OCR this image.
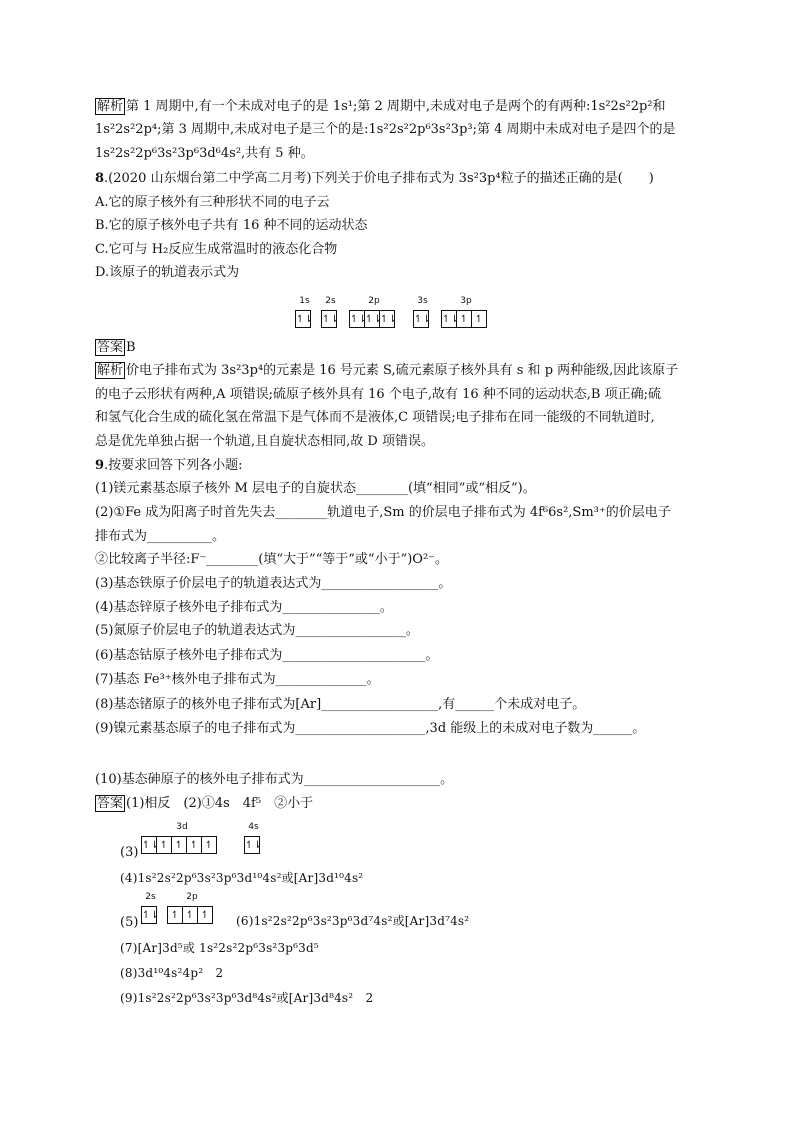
解析 第 1 周期中,有一个未成对电子的是 1s¹;第 2 周期中,未成对电子是两个的有两种:1s²2s²2p²和
1s²2s²2p⁴;第 3 周期中,未成对电子是三个的是:1s²2s²2p⁶3s²3p³;第 4 周期中未成对电子是四个的是
1s²2s²2p⁶3s²3p⁶3d⁶4s²,共有 5 种。
8.(2020 山东烟台第二中学高二月考)下列关于价电子排布式为 3s²3p⁴粒子的描述正确的是(　　)
A.它的原子核外有三种形状不同的电子云
B.它的原子核外电子共有 16 种不同的运动状态
C.它可与 H₂反应生成常温时的液态化合物
D.该原子的轨道表示式为
答案 B
解析 价电子排布式为 3s²3p⁴的元素是 16 号元素 S,硫元素原子核外具有 s 和 p 两种能级,因此该原子
的电子云形状有两种,A 项错误;硫原子核外具有 16 个电子,故有 16 种不同的运动状态,B 项正确;硫
和氢气化合生成的硫化氢在常温下是气体而不是液体,C 项错误;电子排布在同一能级的不同轨道时,
总是优先单独占据一个轨道,且自旋状态相同,故 D 项错误。
9.按要求回答下列各小题:
(1)镁元素基态原子核外 M 层电子的自旋状态________(填“相同”或“相反”)。
(2)①Fe 成为阳离子时首先失去________轨道电子,Sm 的价层电子排布式为 4f⁶6s²,Sm³⁺的价层电子
排布式为__________。
②比较离子半径:F⁻________(填“大于”“等于”或“小于”)O²⁻。
(3)基态铁原子价层电子的轨道表达式为__________________。
(4)基态锌原子核外电子排布式为_______________。
(5)氮原子价层电子的轨道表达式为_________________。
(6)基态钴原子核外电子排布式为______________________。
(7)基态 Fe³⁺核外电子排布式为______________。
(8)基态锗原子的核外电子排布式为[Ar]__________________,有______个未成对电子。
(9)镍元素基态原子的电子排布式为____________________,3d 能级上的未成对电子数为______。
(10)基态砷原子的核外电子排布式为_____________________。
答案 (1)相反　(2)①4s　4f⁵　②小于
1s	2s	2p	3s	3p
↿⇂ ↿⇂ ↿⇂
↿⇂
↿⇂ ↿⇂ ↿⇂ ↿ ↿
(3)
3d	4s
↿⇂ ↿ ↿ ↿ ↿	↿⇂
(4)1s²2s²2p⁶3s²3p⁶3d¹⁰4s²或[Ar]3d¹⁰4s²
(5)
2s	2p
↿⇂	↿ ↿ ↿	(6)1s²2s²2p⁶3s²3p⁶3d⁷4s²或[Ar]3d⁷4s²
(7)[Ar]3d⁵或 1s²2s²2p⁶3s²3p⁶3d⁵
(8)3d¹⁰4s²4p²　2
(9)1s²2s²2p⁶3s²3p⁶3d⁸4s²或[Ar]3d⁸4s²　2
